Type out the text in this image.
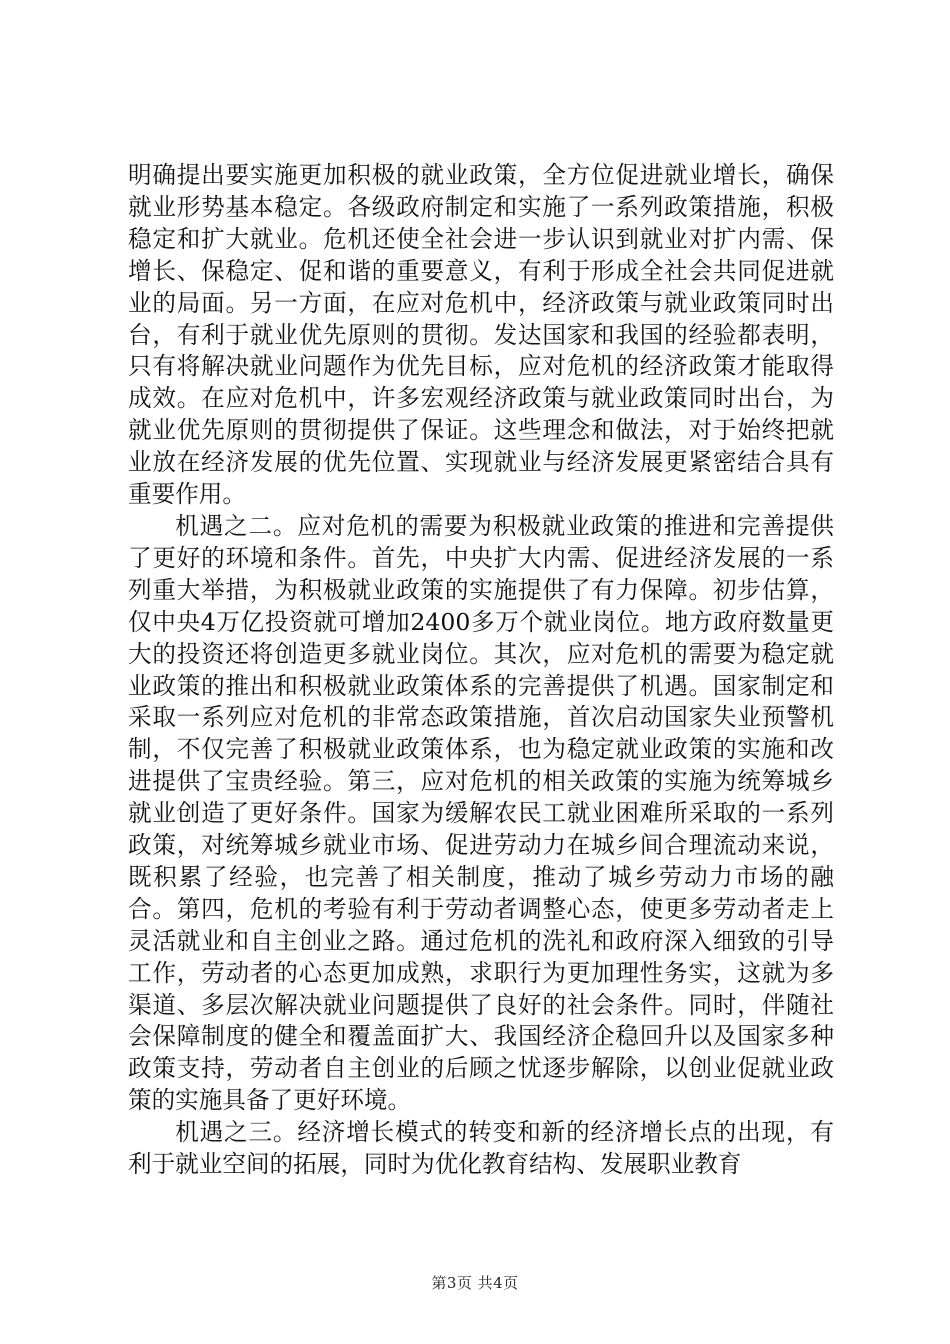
明确提出要实施更加积极的就业政策，全方位促进就业增长，确保就业形势基本稳定。各级政府制定和实施了一系列政策措施，积极稳定和扩大就业。危机还使全社会进一步认识到就业对扩内需、保增长、保稳定、促和谐的重要意义，有利于形成全社会共同促进就业的局面。另一方面，在应对危机中，经济政策与就业政策同时出台，有利于就业优先原则的贯彻。发达国家和我国的经验都表明，只有将解决就业问题作为优先目标，应对危机的经济政策才能取得成效。在应对危机中，许多宏观经济政策与就业政策同时出台，为就业优先原则的贯彻提供了保证。这些理念和做法，对于始终把就业放在经济发展的优先位置、实现就业与经济发展更紧密结合具有重要作用。

机遇之二。应对危机的需要为积极就业政策的推进和完善提供了更好的环境和条件。首先，中央扩大内需、促进经济发展的一系列重大举措，为积极就业政策的实施提供了有力保障。初步估算，仅中央4万亿投资就可增加2400多万个就业岗位。地方政府数量更大的投资还将创造更多就业岗位。其次，应对危机的需要为稳定就业政策的推出和积极就业政策体系的完善提供了机遇。国家制定和采取一系列应对危机的非常态政策措施，首次启动国家失业预警机制，不仅完善了积极就业政策体系，也为稳定就业政策的实施和改进提供了宝贵经验。第三，应对危机的相关政策的实施为统筹城乡就业创造了更好条件。国家为缓解农民工就业困难所采取的一系列政策，对统筹城乡就业市场、促进劳动力在城乡间合理流动来说，既积累了经验，也完善了相关制度，推动了城乡劳动力市场的融合。第四，危机的考验有利于劳动者调整心态，使更多劳动者走上灵活就业和自主创业之路。通过危机的洗礼和政府深入细致的引导工作，劳动者的心态更加成熟，求职行为更加理性务实，这就为多渠道、多层次解决就业问题提供了良好的社会条件。同时，伴随社会保障制度的健全和覆盖面扩大、我国经济企稳回升以及国家多种政策支持，劳动者自主创业的后顾之忧逐步解除，以创业促就业政策的实施具备了更好环境。

机遇之三。经济增长模式的转变和新的经济增长点的出现，有利于就业空间的拓展，同时为优化教育结构、发展职业教育

第3页 共4页
